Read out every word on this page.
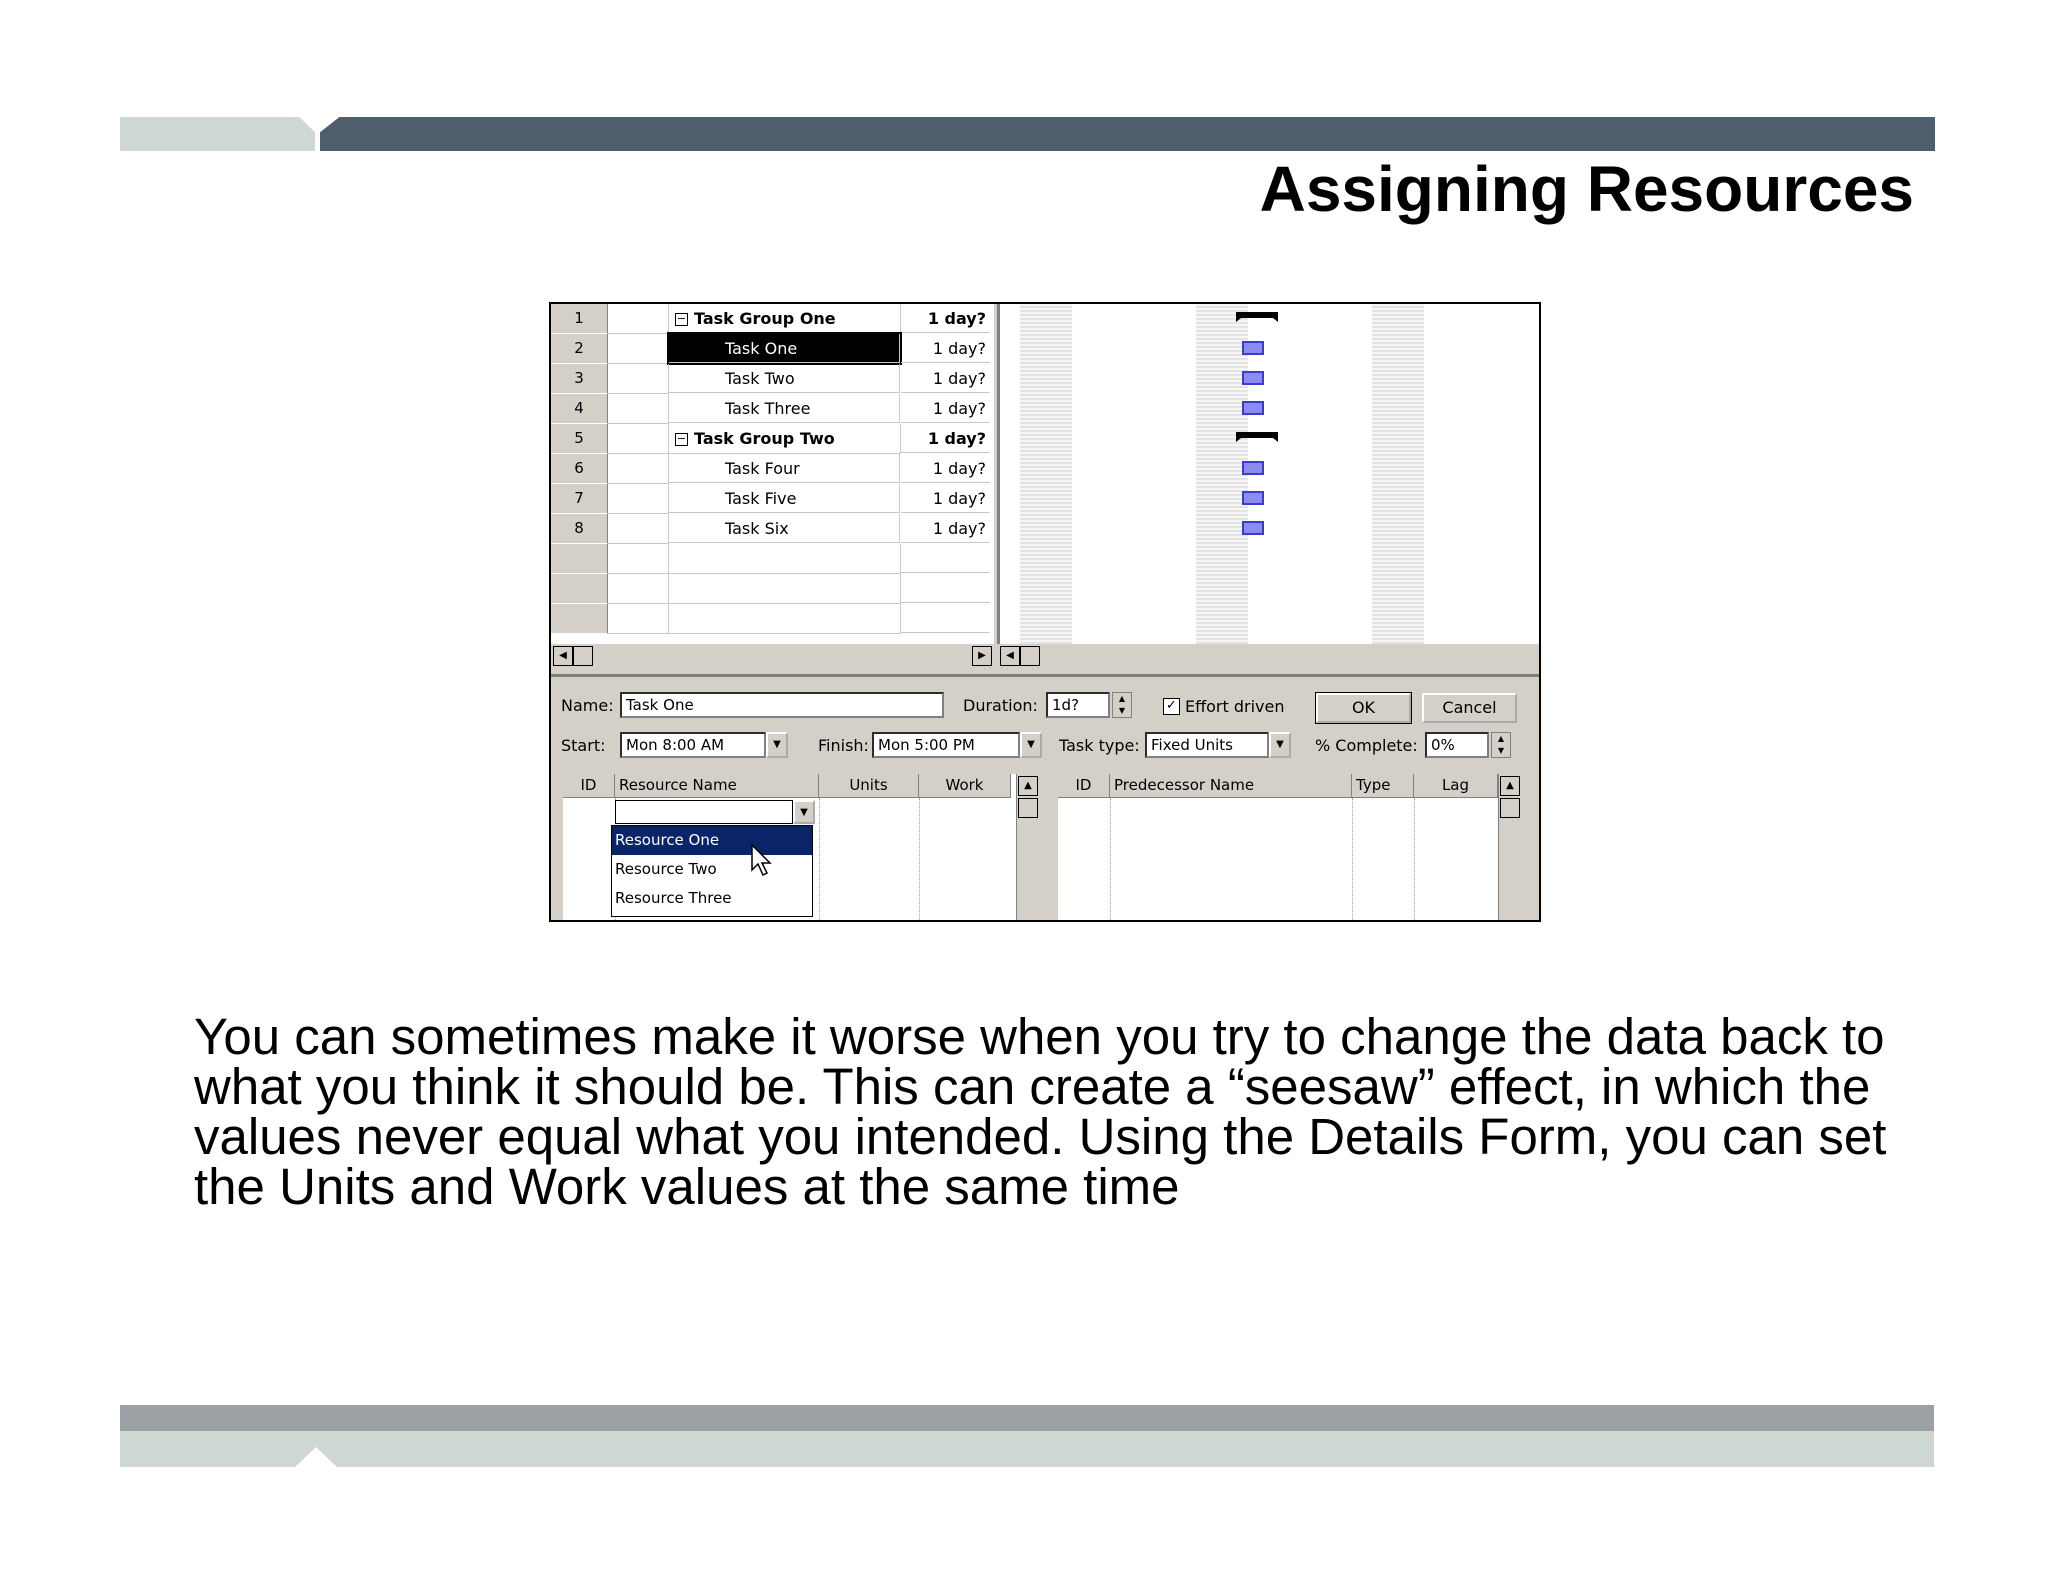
Assigning Resources
1	− Task Group One	1 day?
2	Task One	1 day?
3	Task Two	1 day?
4	Task Three	1 day?
5	− Task Group Two	1 day?
6	Task Four	1 day?
7	Task Five	1 day?
8	Task Six	1 day?
◀	▶	◀
Name: Task One	Duration: 1d?	▲
▼	✓ Effort driven	OK	Cancel
Start:	Mon 8:00 AM	▼	Finish: Mon 5:00 PM	▼	Task type: Fixed Units	▼	% Complete: 0%	▲
▼
ID	Resource Name	Units	Work
▼
▲	ID	Predecessor Name	Type	Lag	▲
Resource One
Resource Two
Resource Three
You can sometimes make it worse when you try to change the data back to what you think it should be. This can create a “seesaw” effect, in which the values never equal what you intended. Using the Details Form, you can set the Units and Work values at the same time
